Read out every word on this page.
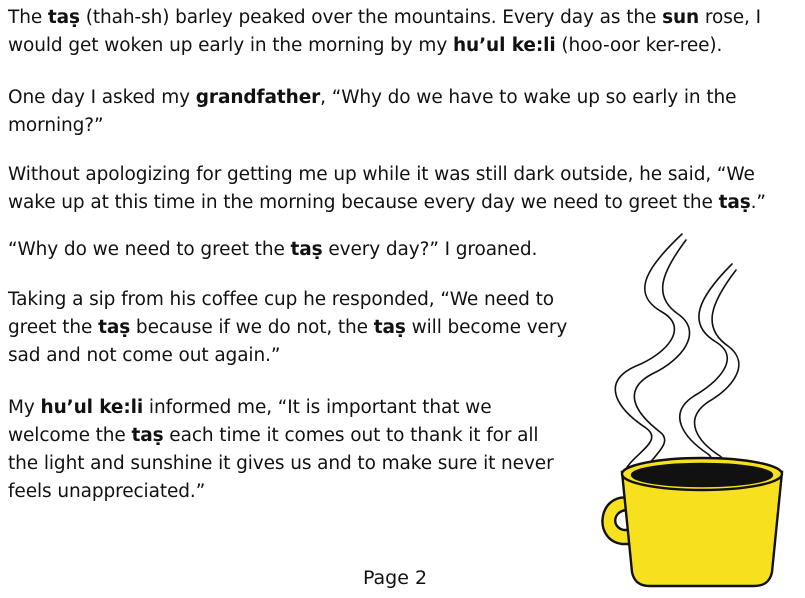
The taṣ (thah-sh) barley peaked over the mountains. Every day as the sun rose, I would get woken up early in the morning by my hu’ul ke:li (hoo-oor ker-ree).

One day I asked my grandfather, “Why do we have to wake up so early in the morning?”

Without apologizing for getting me up while it was still dark outside, he said, “We wake up at this time in the morning because every day we need to greet the taṣ.”

“Why do we need to greet the taṣ every day?” I groaned.

Taking a sip from his coffee cup he responded, “We need to greet the taṣ because if we do not, the taṣ will become very sad and not come out again.”

My hu’ul ke:li informed me, “It is important that we welcome the taṣ each time it comes out to thank it for all the light and sunshine it gives us and to make sure it never feels unappreciated.”

Page 2
